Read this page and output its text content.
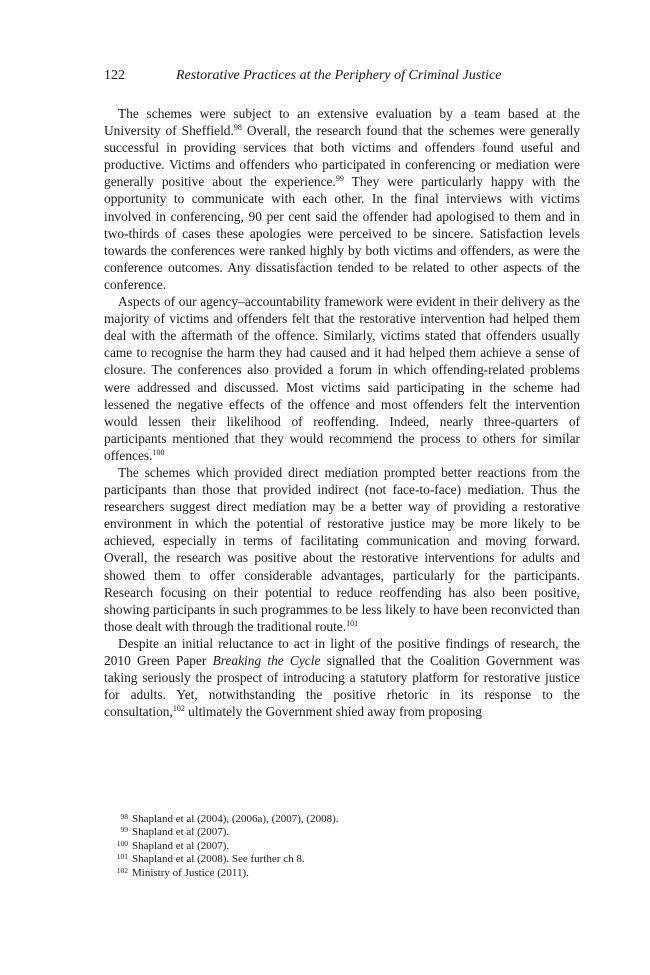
122	Restorative Practices at the Periphery of Criminal Justice

The schemes were subject to an extensive evaluation by a team based at the University of Sheffield.$^{98}$ Overall, the research found that the schemes were generally successful in providing services that both victims and offenders found useful and productive. Victims and offenders who participated in conferencing or mediation were generally positive about the experience.$^{99}$ They were particularly happy with the opportunity to communicate with each other. In the final interviews with victims involved in conferencing, 90 per cent said the offender had apologised to them and in two-thirds of cases these apologies were perceived to be sincere. Satisfaction levels towards the conferences were ranked highly by both victims and offenders, as were the conference outcomes. Any dissatisfaction tended to be related to other aspects of the conference.

Aspects of our agency–accountability framework were evident in their delivery as the majority of victims and offenders felt that the restorative intervention had helped them deal with the aftermath of the offence. Similarly, victims stated that offenders usually came to recognise the harm they had caused and it had helped them achieve a sense of closure. The conferences also provided a forum in which offending-related problems were addressed and discussed. Most victims said participating in the scheme had lessened the negative effects of the offence and most offenders felt the intervention would lessen their likelihood of reoffending. Indeed, nearly three-quarters of participants mentioned that they would recommend the process to others for similar offences.$^{100}$

The schemes which provided direct mediation prompted better reactions from the participants than those that provided indirect (not face-to-face) mediation. Thus the researchers suggest direct mediation may be a better way of providing a restorative environment in which the potential of restorative justice may be more likely to be achieved, especially in terms of facilitating communication and moving forward. Overall, the research was positive about the restorative interventions for adults and showed them to offer considerable advantages, particularly for the participants. Research focusing on their potential to reduce reoffending has also been positive, showing participants in such programmes to be less likely to have been reconvicted than those dealt with through the traditional route.$^{101}$

Despite an initial reluctance to act in light of the positive findings of research, the 2010 Green Paper Breaking the Cycle signalled that the Coalition Government was taking seriously the prospect of introducing a statutory platform for restorative justice for adults. Yet, notwithstanding the positive rhetoric in its response to the consultation,$^{102}$ ultimately the Government shied away from proposing

98 Shapland et al (2004), (2006a), (2007), (2008).
99 Shapland et al (2007).
100 Shapland et al (2007).
101 Shapland et al (2008). See further ch 8.
102 Ministry of Justice (2011).
